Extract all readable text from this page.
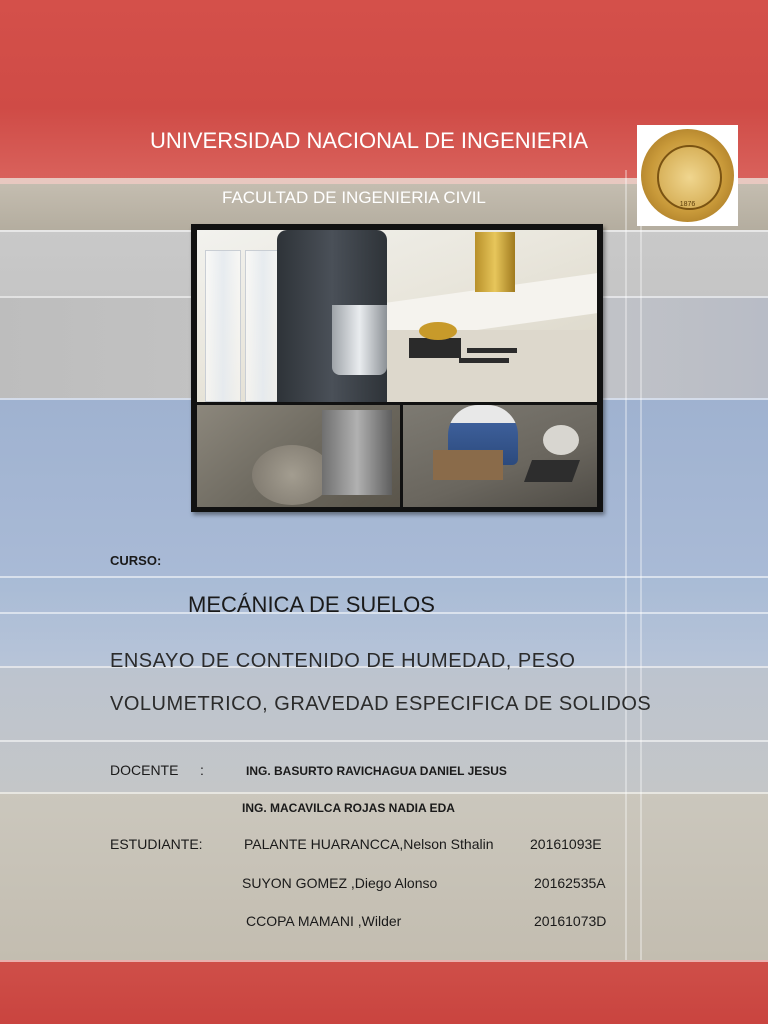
UNIVERSIDAD NACIONAL DE INGENIERIA
FACULTAD DE INGENIERIA CIVIL	1876
CURSO:
MECÁNICA DE SUELOS
ENSAYO DE CONTENIDO DE HUMEDAD, PESO
VOLUMETRICO, GRAVEDAD ESPECIFICA DE SOLIDOS
DOCENTE :	ING. BASURTO RAVICHAGUA DANIEL JESUS
ING. MACAVILCA ROJAS NADIA EDA
ESTUDIANTE:	PALANTE HUARANCCA,Nelson Sthalin	20161093E
SUYON GOMEZ ,Diego Alonso	20162535A
CCOPA MAMANI ,Wilder	20161073D
